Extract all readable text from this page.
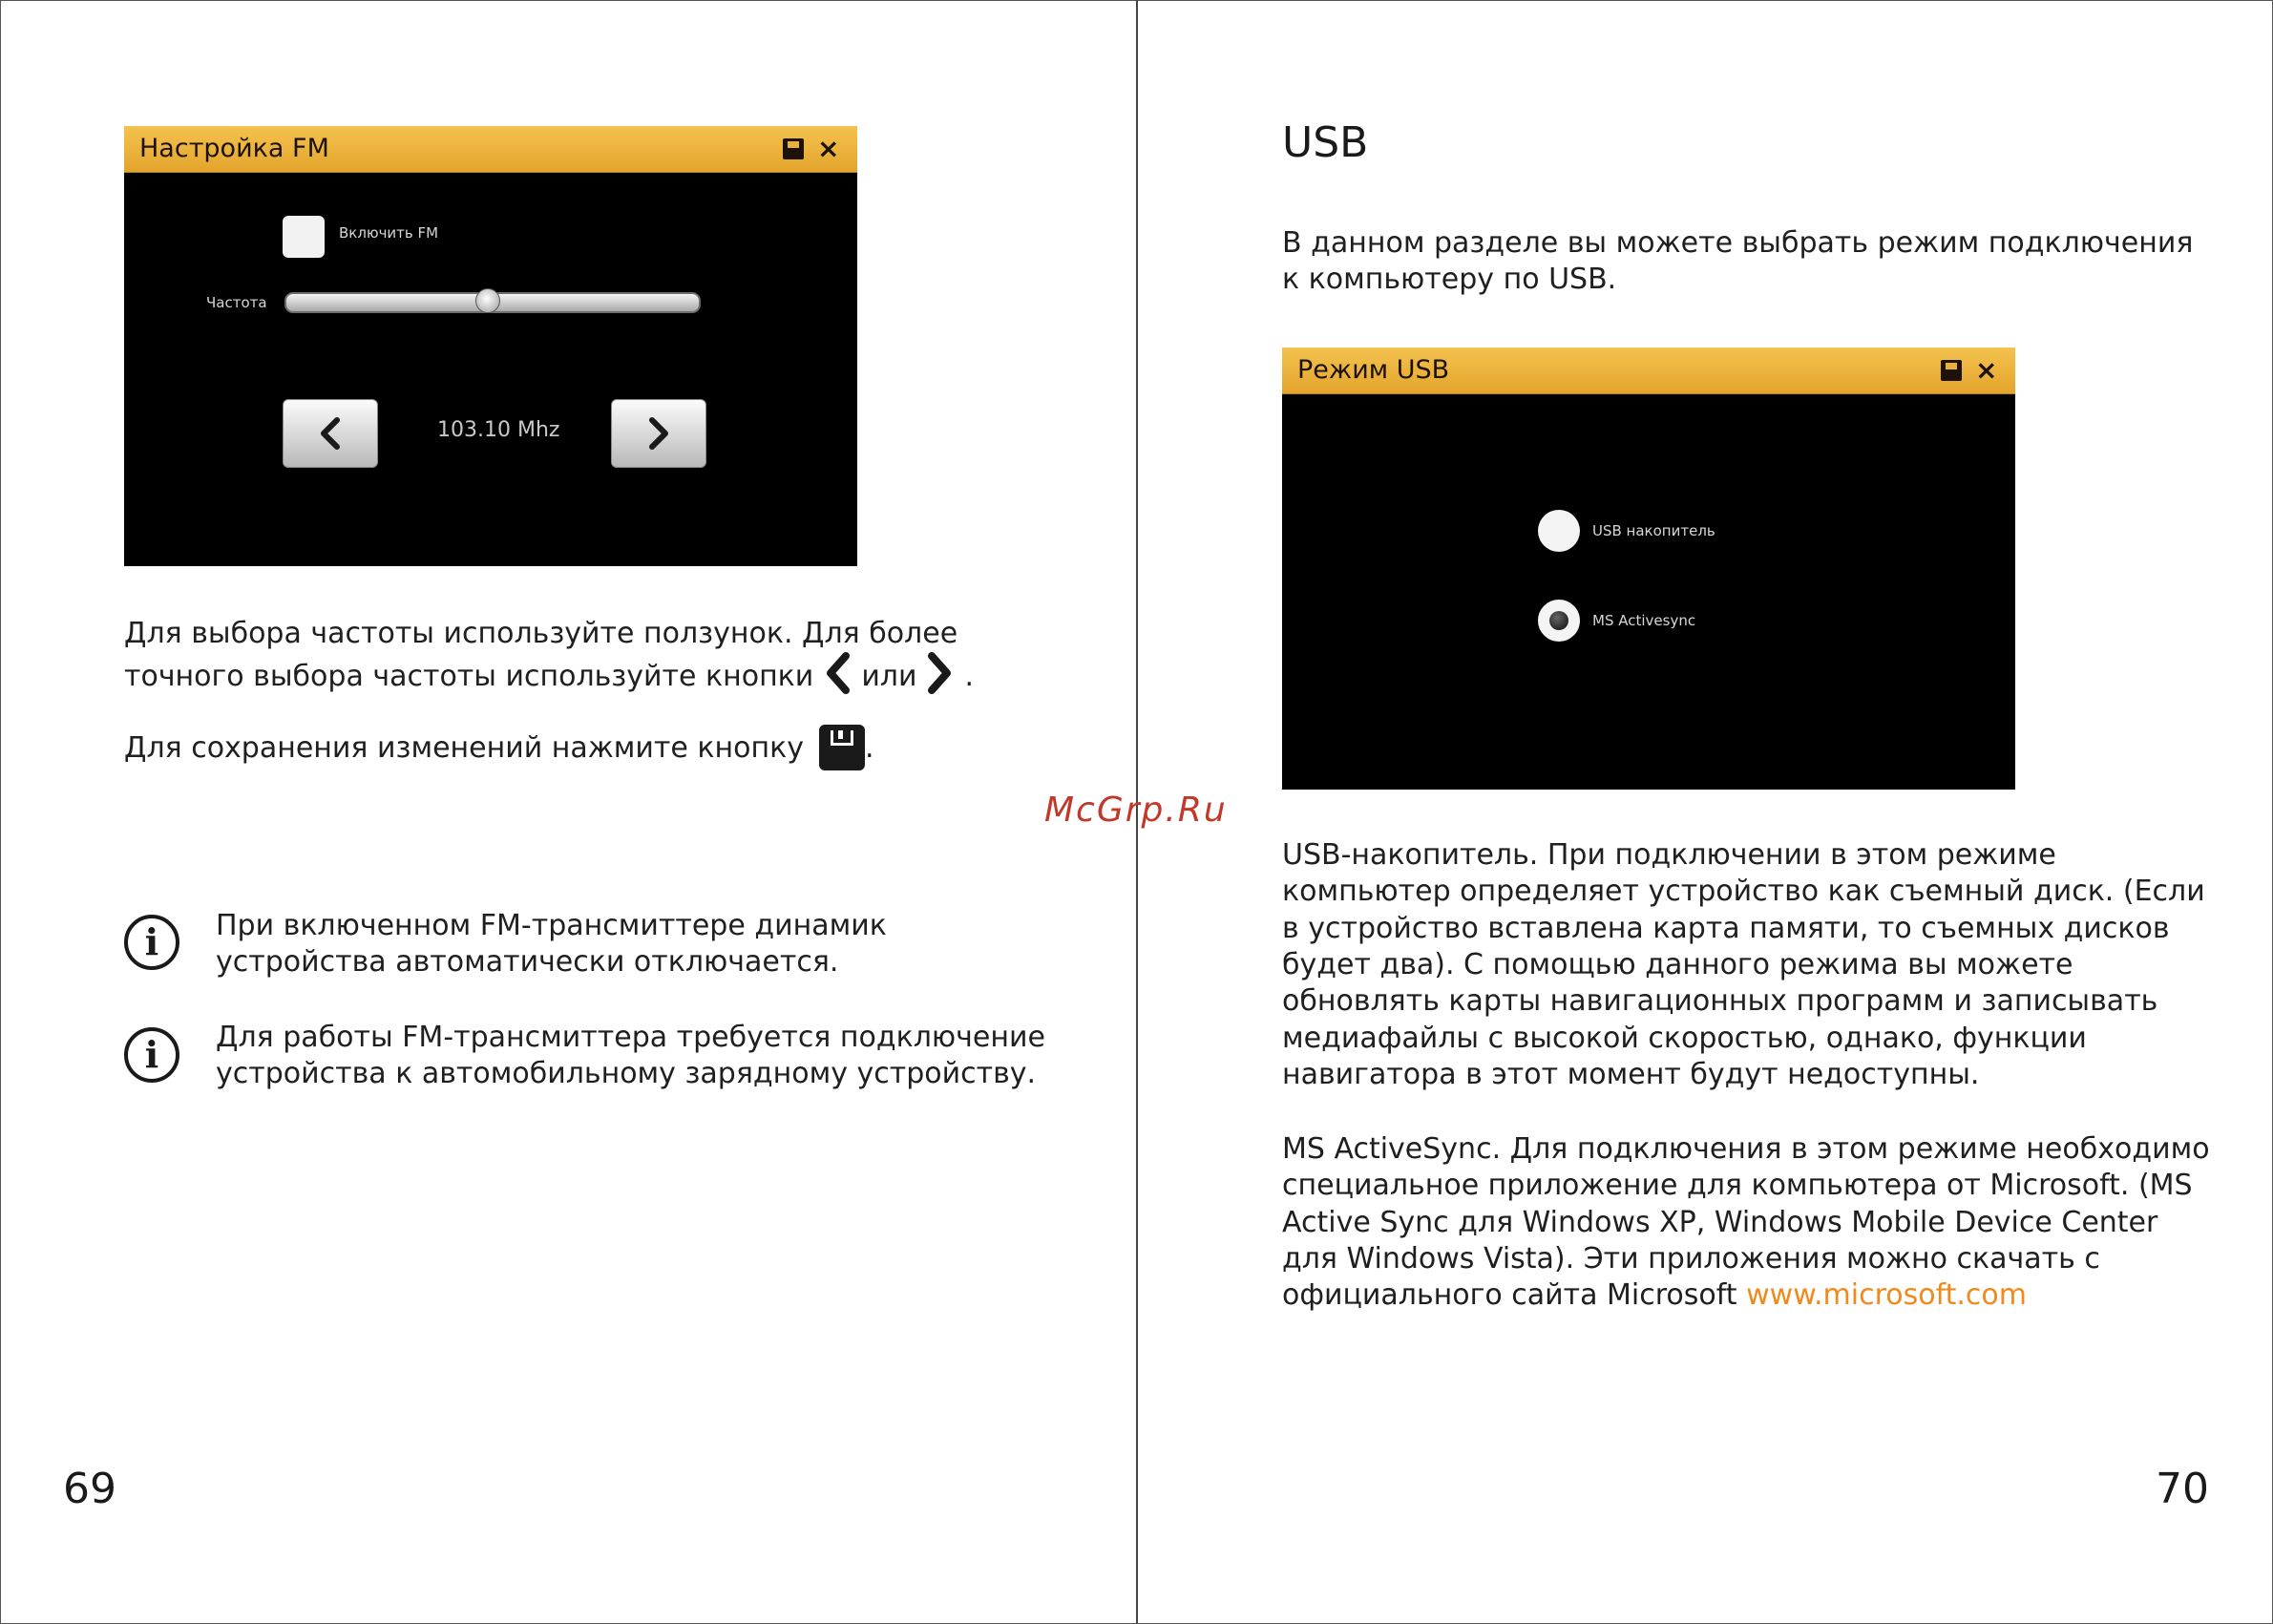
Настройка FM	×
Включить FM
Частота
103.10 Mhz
Для выбора частоты используйте ползунок. Для более
точного выбора частоты используйте кнопки или .
Для сохранения изменений нажмите кнопку .
i	При включенном FM-трансмиттере динамик
устройства автоматически отключается.
i	Для работы FM-трансмиттера требуется подключение
устройства к автомобильному зарядному устройству.
69
McGrp.Ru
USB
В данном разделе вы можете выбрать режим подключения
к компьютеру по USB.
Режим USB	×
USB накопитель
MS Activesync
USB-накопитель. При подключении в этом режиме
компьютер определяет устройство как съемный диск. (Если
в устройство вставлена карта памяти, то съемных дисков
будет два). С помощью данного режима вы можете
обновлять карты навигационных программ и записывать
медиафайлы с высокой скоростью, однако, функции
навигатора в этот момент будут недоступны.
MS ActiveSync. Для подключения в этом режиме необходимо
специальное приложение для компьютера от Microsoft. (MS
Active Sync для Windows XP, Windows Mobile Device Center
для Windows Vista). Эти приложения можно скачать с
официального сайта Microsoft www.microsoft.com
70
